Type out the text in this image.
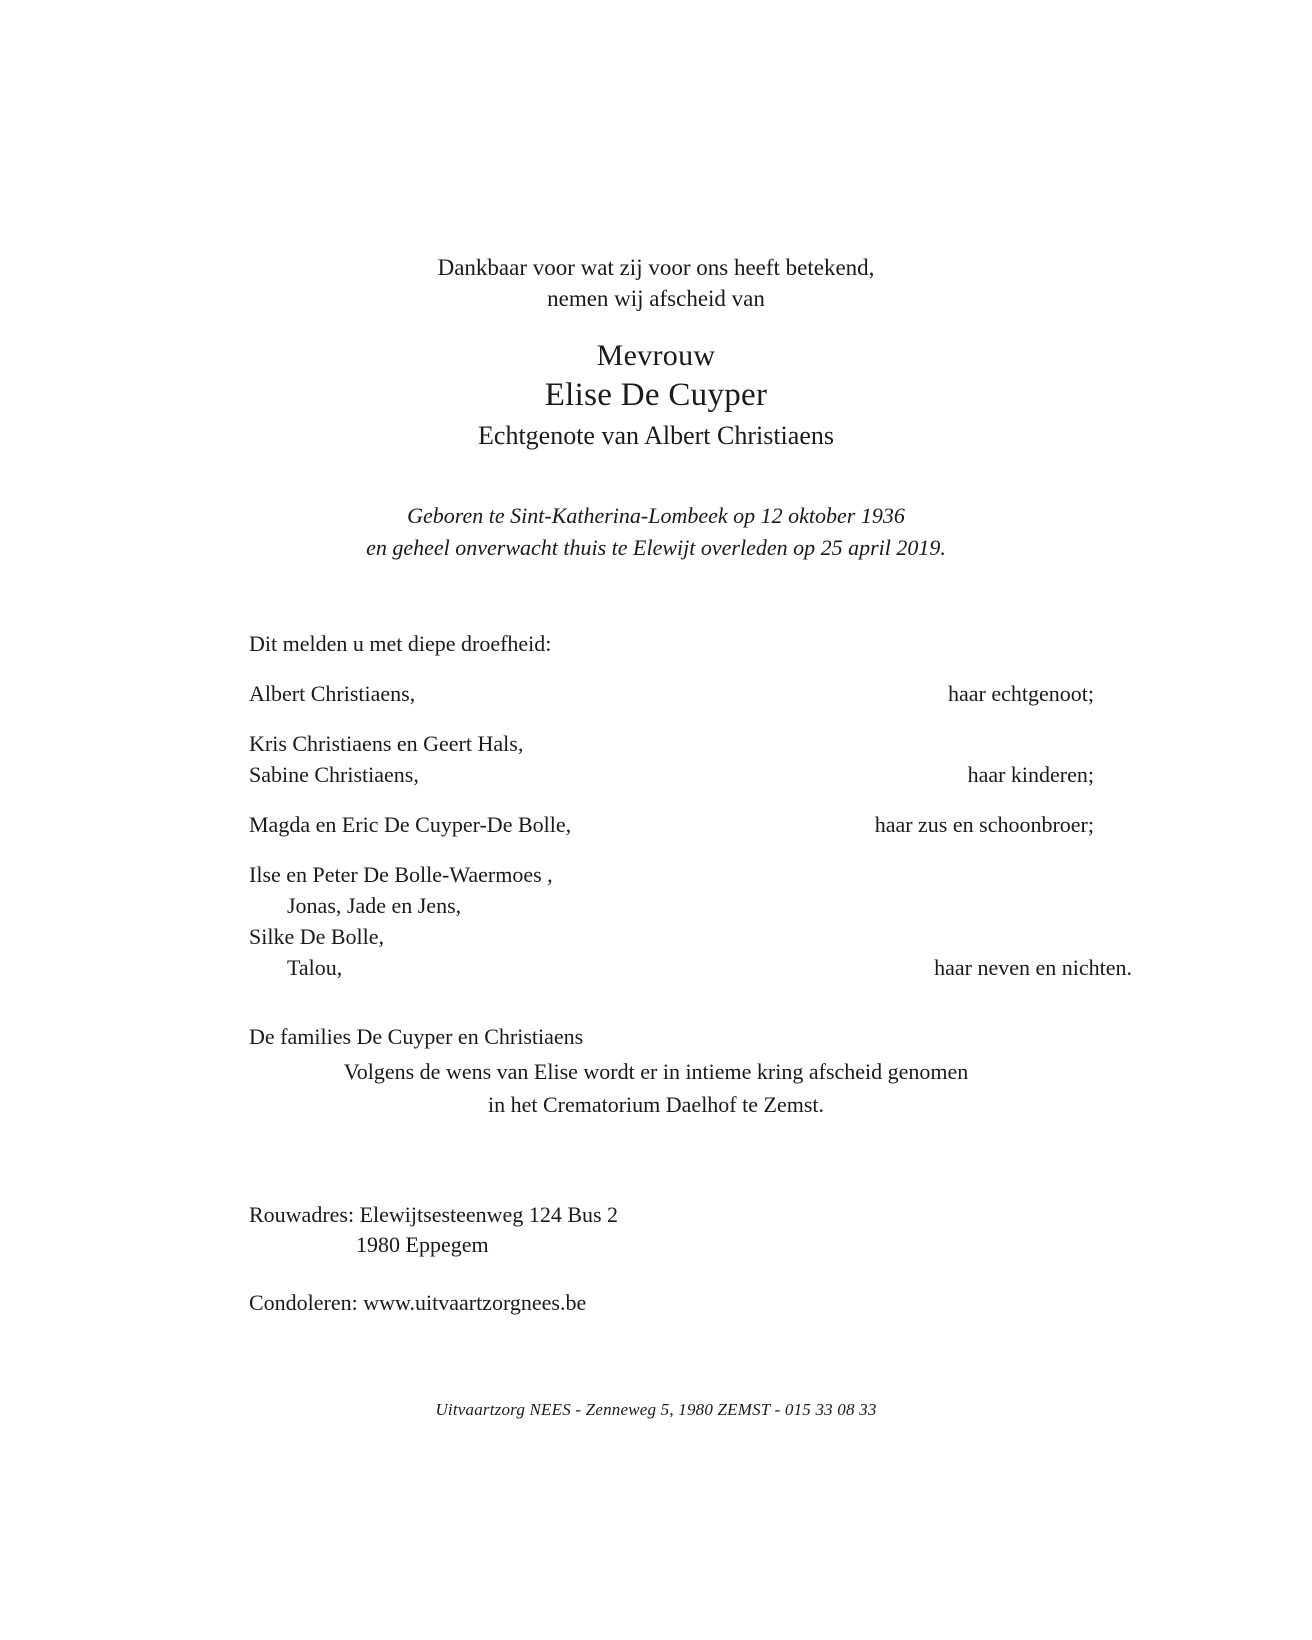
Dankbaar voor wat zij voor ons heeft betekend,
nemen wij afscheid van
Mevrouw
Elise De Cuyper
Echtgenote van Albert Christiaens
Geboren te Sint-Katherina-Lombeek op 12 oktober 1936
en geheel onverwacht thuis te Elewijt overleden op 25 april 2019.
Dit melden u met diepe droefheid:
Albert Christiaens,	haar echtgenoot;
Kris Christiaens en Geert Hals,
Sabine Christiaens,	haar kinderen;
Magda en Eric De Cuyper-De Bolle,	haar zus en schoonbroer;
Ilse en Peter De Bolle-Waermoes ,
Jonas, Jade en Jens,
Silke De Bolle,
Talou,	haar neven en nichten.
De families De Cuyper en Christiaens
Volgens de wens van Elise wordt er in intieme kring afscheid genomen
in het Crematorium Daelhof te Zemst.
Rouwadres: Elewijtsesteenweg 124 Bus 2
1980 Eppegem
Condoleren: www.uitvaartzorgnees.be
Uitvaartzorg NEES - Zenneweg 5, 1980 ZEMST - 015 33 08 33
